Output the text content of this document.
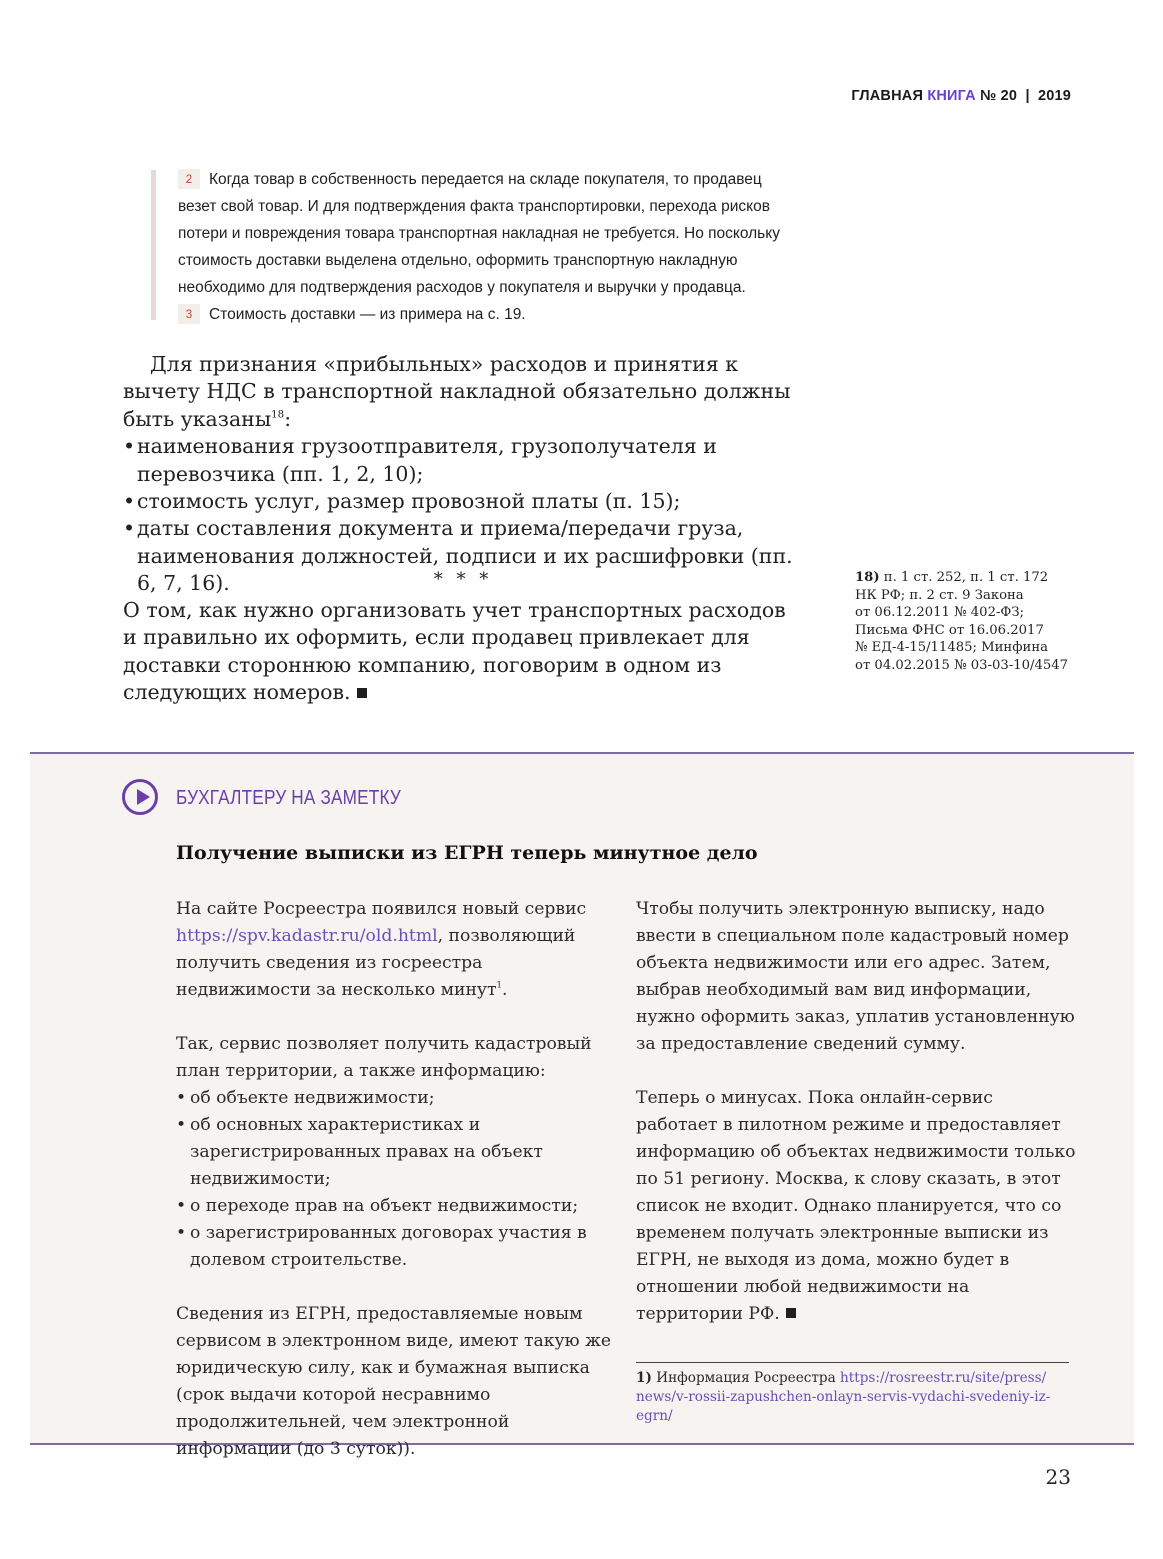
ГЛАВНАЯ КНИГА № 20 | 2019
2 Когда товар в собственность передается на складе покупателя, то продавец
везет свой товар. И для подтверждения факта транспортировки, перехода рисков
потери и повреждения товара транспортная накладная не требуется. Но поскольку
стоимость доставки выделена отдельно, оформить транспортную накладную
необходимо для подтверждения расходов у покупателя и выручки у продавца.
3 Стоимость доставки — из примера на с. 19.

Для признания «прибыльных» расходов и принятия к вычету НДС в транспортной накладной обязательно должны быть указаны$^{18}$:

• наименования грузоотправителя, грузополучателя и перевозчика (пп. 1, 2, 10);
• стоимость услуг, размер провозной платы (п. 15);
• даты составления документа и приема/передачи груза, наименования должностей, подписи и их расшифровки (пп. 6, 7, 16).	* * *
О том, как нужно организовать учет транспортных расходов и правильно их оформить, если продавец привлекает для доставки стороннюю компанию, поговорим в одном из следующих номеров.
18) п. 1 ст. 252, п. 1 ст. 172
НК РФ; п. 2 ст. 9 Закона
от 06.12.2011 № 402-ФЗ;
Письма ФНС от 16.06.2017
№ ЕД-4-15/11485; Минфина
от 04.02.2015 № 03-03-10/4547
БУХГАЛТЕРУ НА ЗАМЕТКУ
Получение выписки из ЕГРН теперь минутное дело

На сайте Росреестра появился новый сервис https://spv.kadastr.ru/old.html, позволяющий получить сведения из госреестра недвижимости за несколько минут$^1$.

Так, сервис позволяет получить кадастровый план территории, а также информацию:

• об объекте недвижимости;
• об основных характеристиках и зарегистрированных правах на объект недвижимости;
• о переходе прав на объект недвижимости;
• о зарегистрированных договорах участия в долевом строительстве.

Сведения из ЕГРН, предоставляемые новым сервисом в электронном виде, имеют такую же юридическую силу, как и бумажная выписка (срок выдачи которой несравнимо продолжительней, чем электронной информации (до 3 суток)).

Чтобы получить электронную выписку, надо ввести в специальном поле кадастровый номер объекта недвижимости или его адрес. Затем, выбрав необходимый вам вид информации, нужно оформить заказ, уплатив установленную за предоставление сведений сумму.

Теперь о минусах. Пока онлайн-сервис работает в пилотном режиме и предоставляет информацию об объектах недвижимости только по 51 региону. Москва, к слову сказать, в этот список не входит. Однако планируется, что со временем получать электронные выписки из ЕГРН, не выходя из дома, можно будет в отношении любой недвижимости на территории РФ.

1) Информация Росреестра https://rosreestr.ru/site/press/
news/v-rossii-zapushchen-onlayn-servis-vydachi-svedeniy-iz-egrn/
23
